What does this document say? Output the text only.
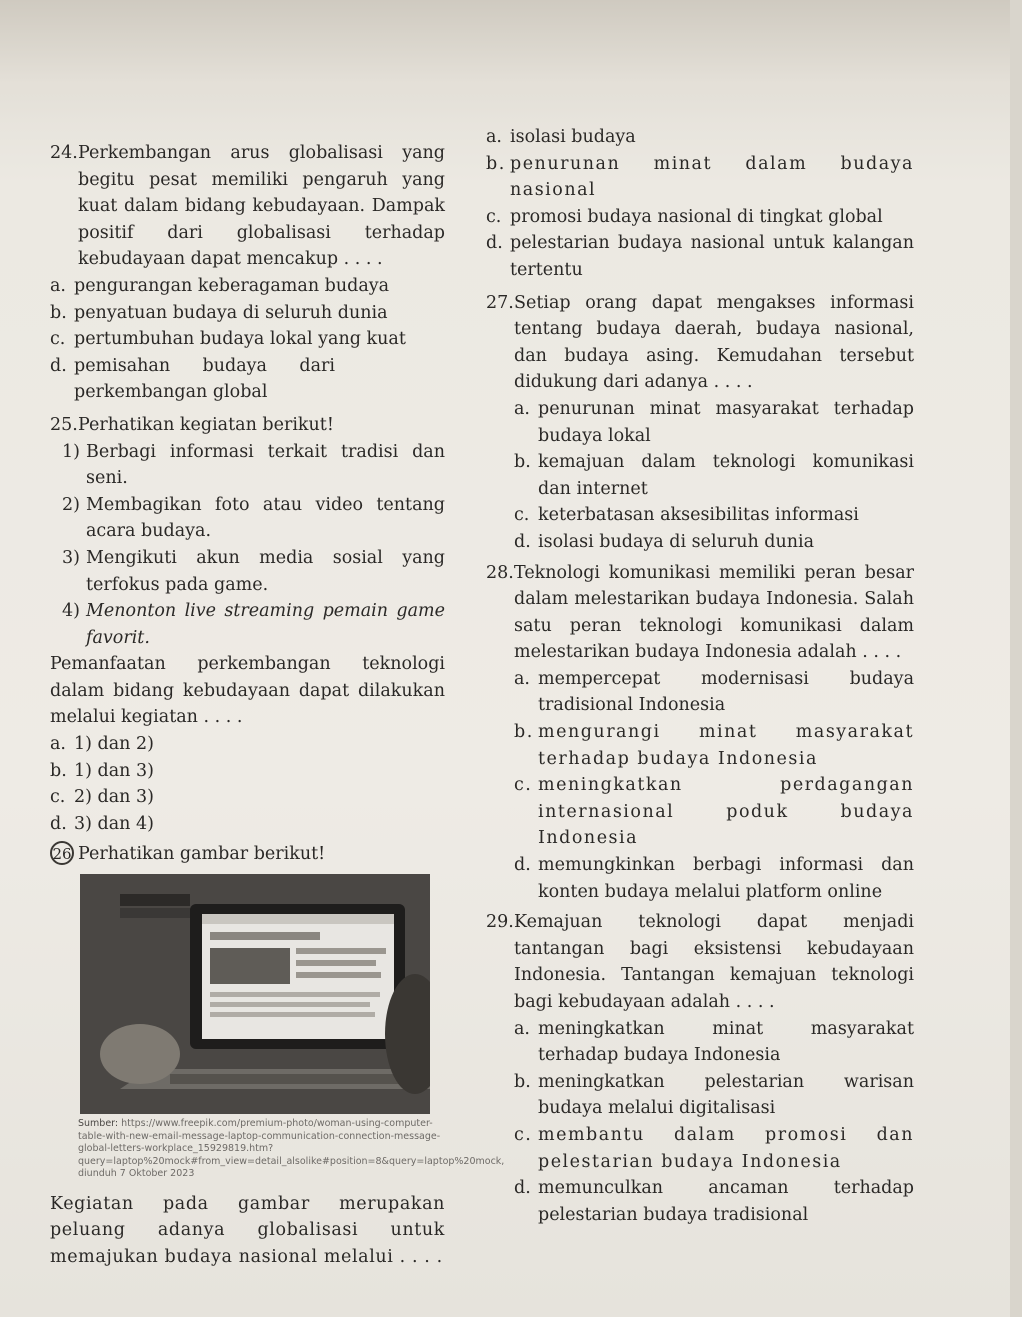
24. Perkembangan arus globalisasi yang begitu pesat memiliki pengaruh yang kuat dalam bidang kebudayaan. Dampak positif dari globalisasi terhadap kebudayaan dapat mencakup . . . .
a. pengurangan keberagaman budaya
b. penyatuan budaya di seluruh dunia
c. pertumbuhan budaya lokal yang kuat
d. pemisahan budaya dari perkembangan global
25. Perhatikan kegiatan berikut!
1) Berbagi informasi terkait tradisi dan seni.
2) Membagikan foto atau video tentang acara budaya.
3) Mengikuti akun media sosial yang terfokus pada game.
4) Menonton live streaming pemain game favorit.
Pemanfaatan perkembangan teknologi dalam bidang kebudayaan dapat dilakukan melalui kegiatan . . . .
a. 1) dan 2)
b. 1) dan 3)
c. 2) dan 3)
d. 3) dan 4)
26 Perhatikan gambar berikut!
Sumber: https://www.freepik.com/premium-photo/woman-using-computer-table-with-new-email-message-laptop-communication-connection-message-global-letters-workplace_15929819.htm?query=laptop%20mock#from_view=detail_alsolike#position=8&query=laptop%20mock, diunduh 7 Oktober 2023
Kegiatan pada gambar merupakan peluang adanya globalisasi untuk memajukan budaya nasional melalui . . . .
a. isolasi budaya
b. penurunan minat dalam budaya nasional
c. promosi budaya nasional di tingkat global
d. pelestarian budaya nasional untuk kalangan tertentu
27. Setiap orang dapat mengakses informasi tentang budaya daerah, budaya nasional, dan budaya asing. Kemudahan tersebut didukung dari adanya . . . .
a. penurunan minat masyarakat terhadap budaya lokal
b. kemajuan dalam teknologi komunikasi dan internet
c. keterbatasan aksesibilitas informasi
d. isolasi budaya di seluruh dunia
28. Teknologi komunikasi memiliki peran besar dalam melestarikan budaya Indonesia. Salah satu peran teknologi komunikasi dalam melestarikan budaya Indonesia adalah . . . .
a. mempercepat modernisasi budaya tradisional Indonesia
b. mengurangi minat masyarakat terhadap budaya Indonesia
c. meningkatkan perdagangan internasional poduk budaya Indonesia
d. memungkinkan berbagi informasi dan konten budaya melalui platform online
29. Kemajuan teknologi dapat menjadi tantangan bagi eksistensi kebudayaan Indonesia. Tantangan kemajuan teknologi bagi kebudayaan adalah . . . .
a. meningkatkan minat masyarakat terhadap budaya Indonesia
b. meningkatkan pelestarian warisan budaya melalui digitalisasi
c. membantu dalam promosi dan pelestarian budaya Indonesia
d. memunculkan ancaman terhadap pelestarian budaya tradisional
